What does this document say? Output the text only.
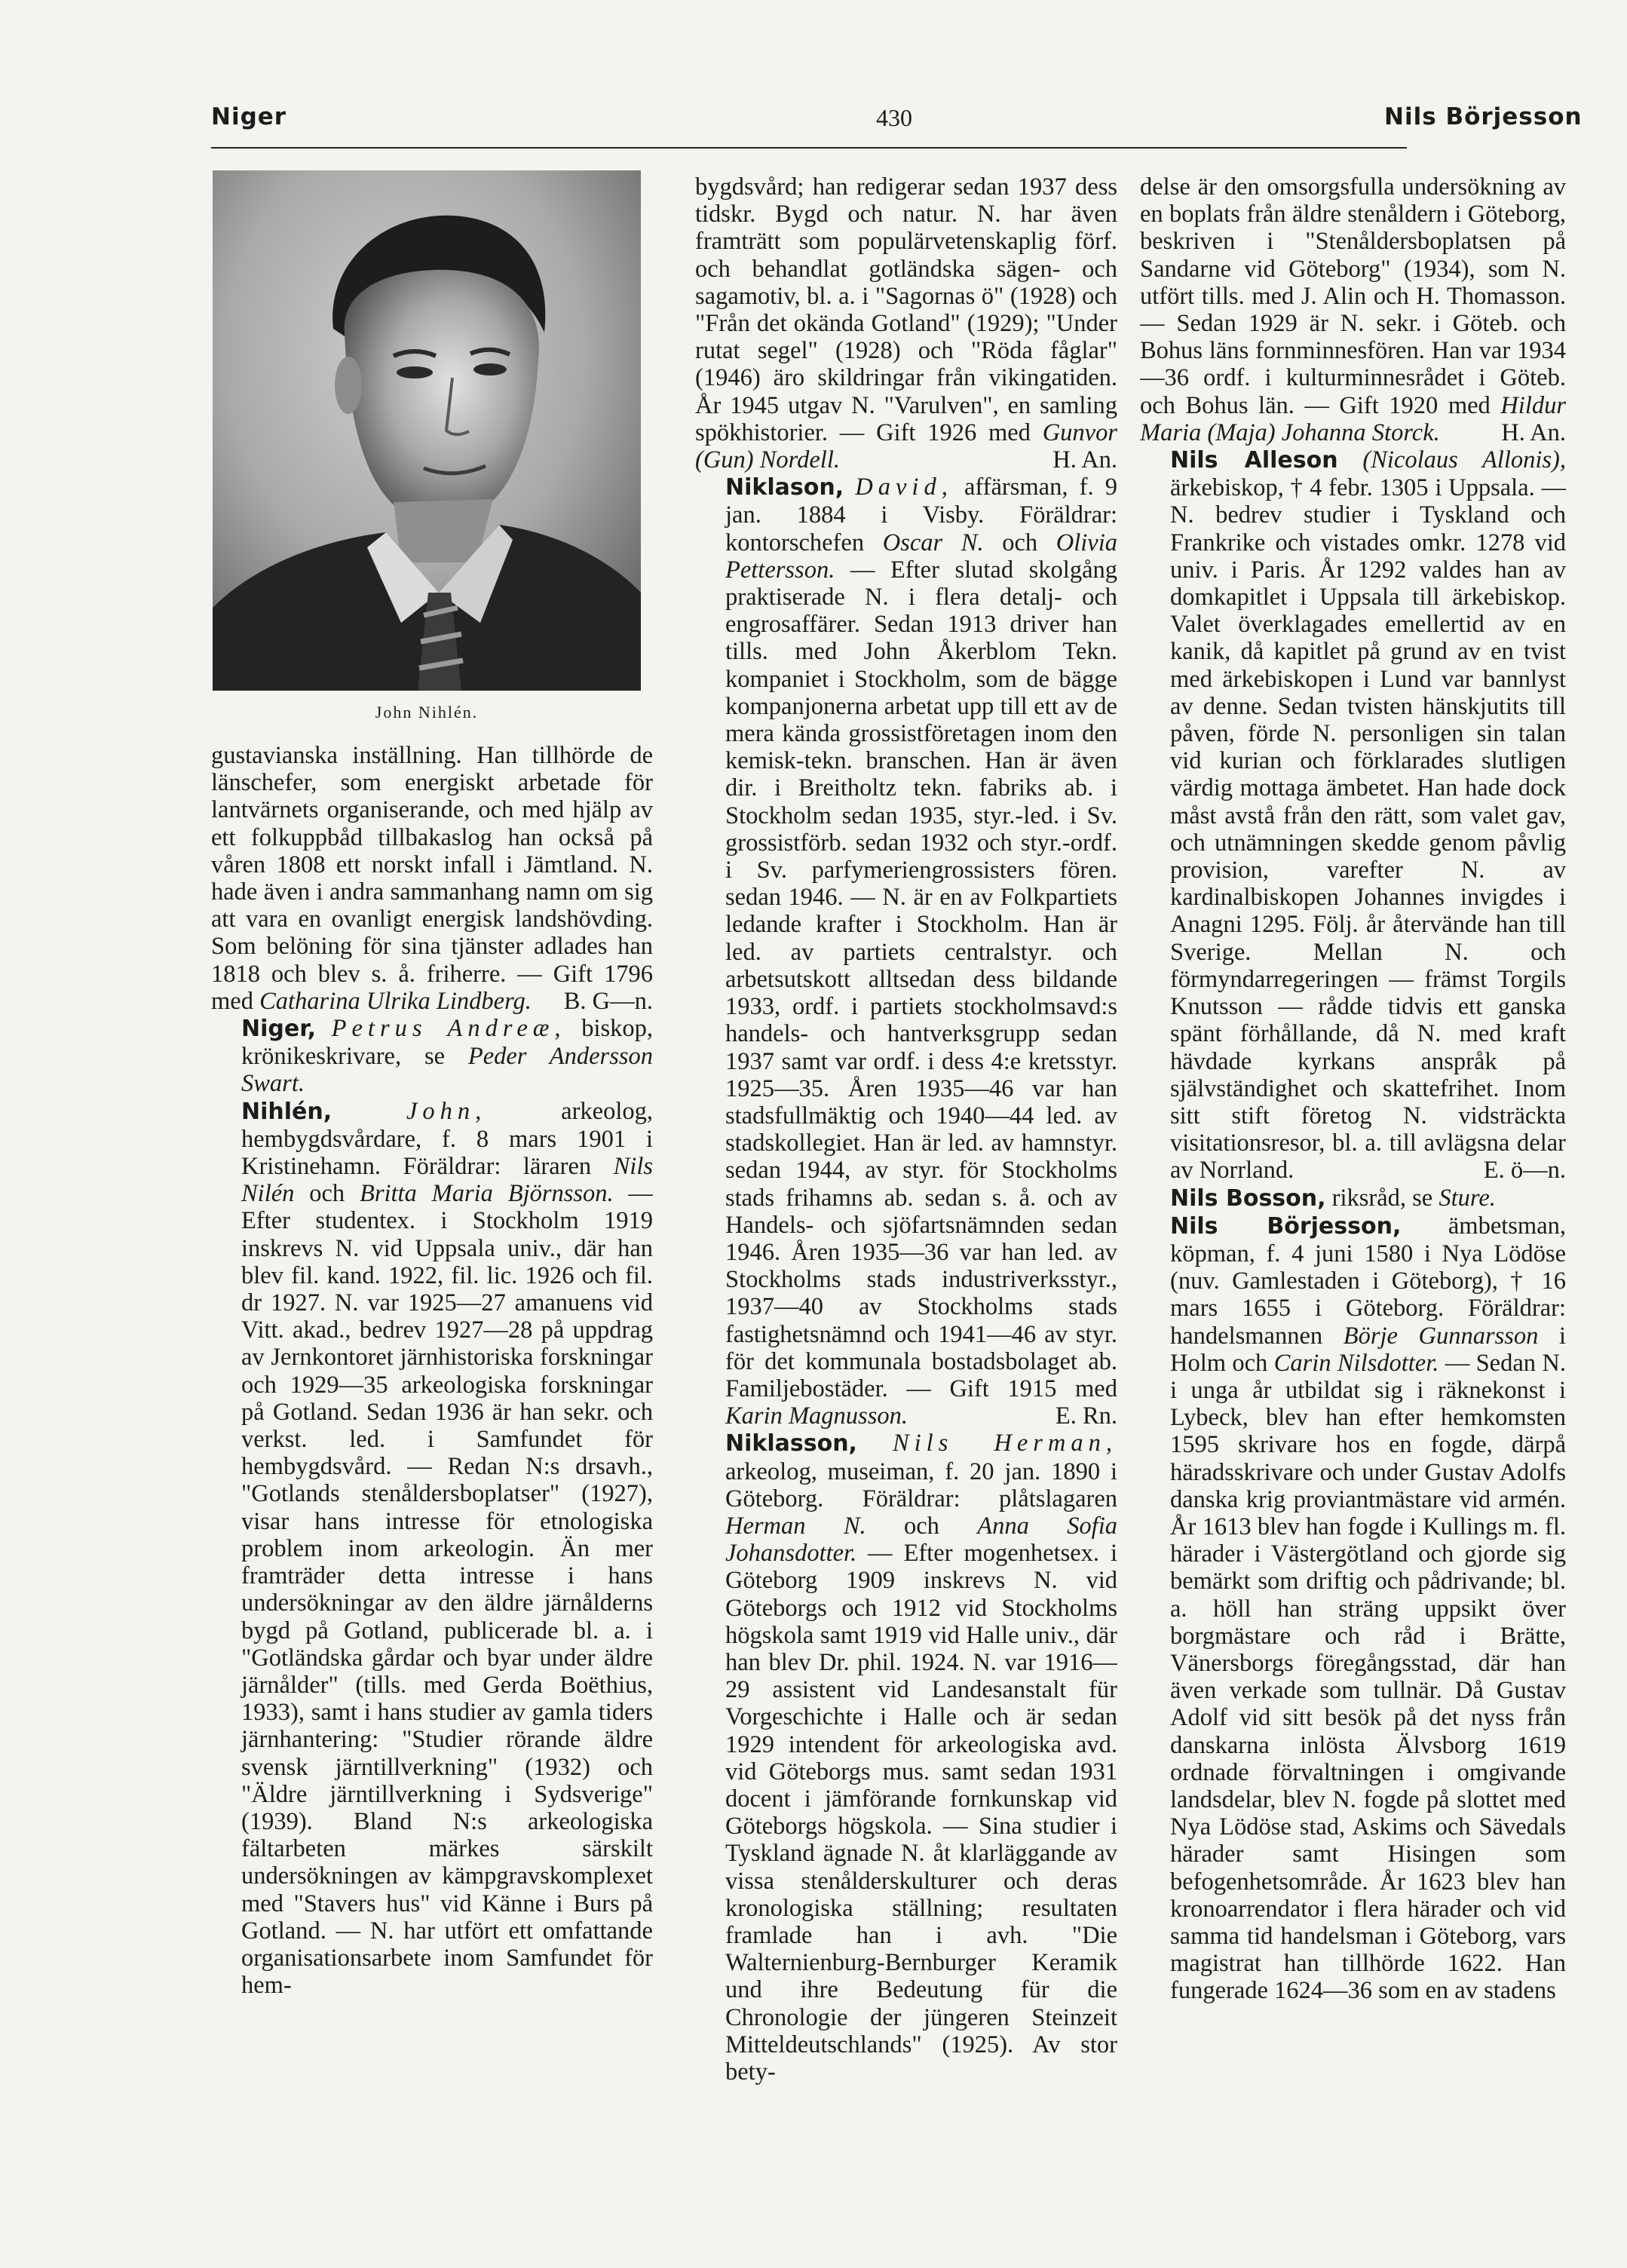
Niger	430	Nils Börjesson
John Nihlén.

gustavianska inställning. Han tillhörde de länschefer, som energiskt arbetade för lantvärnets organiserande, och med hjälp av ett folkuppbåd tillbakaslog han också på våren 1808 ett norskt infall i Jämtland. N. hade även i andra sammanhang namn om sig att vara en ovanligt energisk landshövding. Som belöning för sina tjänster adlades han 1818 och blev s. å. friherre. — Gift 1796 med Catharina Ulrika Lindberg. B. G—n.

Niger, Petrus Andreæ, biskop, krönikeskrivare, se Peder Andersson Swart.

Nihlén,	John, arkeolog, hembygdsvårdare, f. 8 mars 1901 i Kristinehamn. Föräldrar: läraren Nils Nilén och Britta Maria Björnsson. — Efter studentex. i Stockholm 1919 inskrevs N. vid Uppsala univ., där han blev fil. kand. 1922, fil. lic. 1926 och fil. dr 1927. N. var 1925—27 amanuens vid Vitt. akad., bedrev 1927—28 på uppdrag av Jernkontoret järnhistoriska forskningar och 1929—35 arkeologiska forskningar på Gotland. Sedan 1936 är han sekr. och verkst. led. i Samfundet för hembygdsvård. — Redan N:s drsavh., "Gotlands stenåldersboplatser" (1927), visar hans intresse för etnologiska problem inom arkeologin. Än mer framträder detta intresse i hans undersökningar av den äldre järnålderns bygd på Gotland, publicerade bl. a. i "Gotländska gårdar och byar under äldre järnålder" (tills. med Gerda Boëthius, 1933), samt i hans studier av gamla tiders järnhantering: "Studier rörande äldre svensk järntillverkning" (1932) och "Äldre järntillverkning i Sydsverige" (1939). Bland N:s arkeologiska fältarbeten märkes särskilt undersökningen av kämpgravskomplexet med "Stavers hus" vid Känne i Burs på Gotland. — N. har utfört ett omfattande organisationsarbete inom Samfundet för hem-

bygdsvård; han redigerar sedan 1937 dess tidskr. Bygd och natur. N. har även framträtt som populärvetenskaplig förf. och behandlat gotländska sägen- och sagamotiv, bl. a. i "Sagornas ö" (1928) och "Från det okända Gotland" (1929); "Under rutat segel" (1928) och "Röda fåglar" (1946) äro skildringar från vikingatiden. År 1945 utgav N. "Varulven", en samling spökhistorier. — Gift 1926 med Gunvor (Gun) Nordell.	H. An.

Niklason, David, affärsman, f. 9 jan. 1884 i Visby. Föräldrar: kontorschefen Oscar N. och Olivia Pettersson. — Efter slutad skolgång praktiserade N. i flera detalj- och engrosaffärer. Sedan 1913 driver han tills. med John Åkerblom Tekn. kompaniet i Stockholm, som de bägge kompanjonerna arbetat upp till ett av de mera kända grossistföretagen inom den kemisk-tekn. branschen. Han är även dir. i Breitholtz tekn. fabriks ab. i Stockholm sedan 1935, styr.-led. i Sv. grossistförb. sedan 1932 och styr.-ordf. i Sv. parfymeriengrossisters fören. sedan 1946. — N. är en av Folkpartiets ledande krafter i Stockholm. Han är led. av partiets centralstyr. och arbetsutskott alltsedan dess bildande 1933, ordf. i partiets stockholmsavd:s handels- och hantverksgrupp sedan 1937 samt var ordf. i dess 4:e kretsstyr. 1925—35. Åren 1935—46 var han stadsfullmäktig och 1940—44 led. av stadskollegiet. Han är led. av hamnstyr. sedan 1944, av styr. för Stockholms stads frihamns ab. sedan s. å. och av Handels- och sjöfartsnämnden sedan 1946. Åren 1935—36 var han led. av Stockholms stads industriverksstyr., 1937—40 av Stockholms stads fastighetsnämnd och 1941—46 av styr. för det kommunala bostadsbolaget ab. Familjebostäder. — Gift 1915 med Karin Magnusson.	E. Rn.

Niklasson, Nils Herman, arkeolog, museiman, f. 20 jan. 1890 i Göteborg. Föräldrar: plåtslagaren Herman N. och Anna Sofia Johansdotter. — Efter mogenhetsex. i Göteborg 1909 inskrevs N. vid Göteborgs och 1912 vid Stockholms högskola samt 1919 vid Halle univ., där han blev Dr. phil. 1924. N. var 1916—29 assistent vid Landesanstalt für Vorgeschichte i Halle och är sedan 1929 intendent för arkeologiska avd. vid Göteborgs mus. samt sedan 1931 docent i jämförande fornkunskap vid Göteborgs högskola. — Sina studier i Tyskland ägnade N. åt klarläggande av vissa stenålderskulturer och deras kronologiska ställning; resultaten framlade han i avh. "Die Walternienburg-Bernburger Keramik und ihre Bedeutung für die Chronologie der jüngeren Steinzeit Mitteldeutschlands" (1925). Av stor bety-

delse är den omsorgsfulla undersökning av en boplats från äldre stenåldern i Göteborg, beskriven i "Stenåldersboplatsen på Sandarne vid Göteborg" (1934), som N. utfört tills. med J. Alin och H. Thomasson. — Sedan 1929 är N. sekr. i Göteb. och Bohus läns fornminnesfören. Han var 1934—36 ordf. i kulturminnesrådet i Göteb. och Bohus län. — Gift 1920 med Hildur Maria (Maja) Johanna Storck.	H. An.

Nils Alleson (Nicolaus Allonis), ärkebiskop, † 4 febr. 1305 i Uppsala. — N. bedrev studier i Tyskland och Frankrike och vistades omkr. 1278 vid univ. i Paris. År 1292 valdes han av domkapitlet i Uppsala till ärkebiskop. Valet överklagades emellertid av en kanik, då kapitlet på grund av en tvist med ärkebiskopen i Lund var bannlyst av denne. Sedan tvisten hänskjutits till påven, förde N. personligen sin talan vid kurian och förklarades slutligen värdig mottaga ämbetet. Han hade dock måst avstå från den rätt, som valet gav, och utnämningen skedde genom påvlig provision, varefter N. av kardinalbiskopen Johannes invigdes i Anagni 1295. Följ. år återvände han till Sverige. Mellan N. och förmyndarregeringen — främst Torgils Knutsson — rådde tidvis ett ganska spänt förhållande, då N. med kraft hävdade kyrkans anspråk på självständighet och skattefrihet. Inom sitt stift företog N. vidsträckta visitationsresor, bl. a. till avlägsna delar av Norrland.	E. ö—n.

Nils Bosson, riksråd, se Sture.

Nils Börjesson, ämbetsman, köpman, f. 4 juni 1580 i Nya Lödöse (nuv. Gamlestaden i Göteborg), † 16 mars 1655 i Göteborg. Föräldrar: handelsmannen Börje Gunnarsson i Holm och Carin Nilsdotter. — Sedan N. i unga år utbildat sig i räknekonst i Lybeck, blev han efter hemkomsten 1595 skrivare hos en fogde, därpå häradsskrivare och under Gustav Adolfs danska krig proviantmästare vid armén. År 1613 blev han fogde i Kullings m. fl. härader i Västergötland och gjorde sig bemärkt som driftig och pådrivande; bl. a. höll han sträng uppsikt över borgmästare och råd i Brätte, Vänersborgs föregångsstad, där han även verkade som tullnär. Då Gustav Adolf vid sitt besök på det nyss från danskarna inlösta Älvsborg 1619 ordnade förvaltningen i omgivande landsdelar, blev N. fogde på slottet med Nya Lödöse stad, Askims och Sävedals härader samt Hisingen som befogenhetsområde. År 1623 blev han kronoarrendator i flera härader och vid samma tid handelsman i Göteborg, vars magistrat han tillhörde 1622. Han fungerade 1624—36 som en av stadens
